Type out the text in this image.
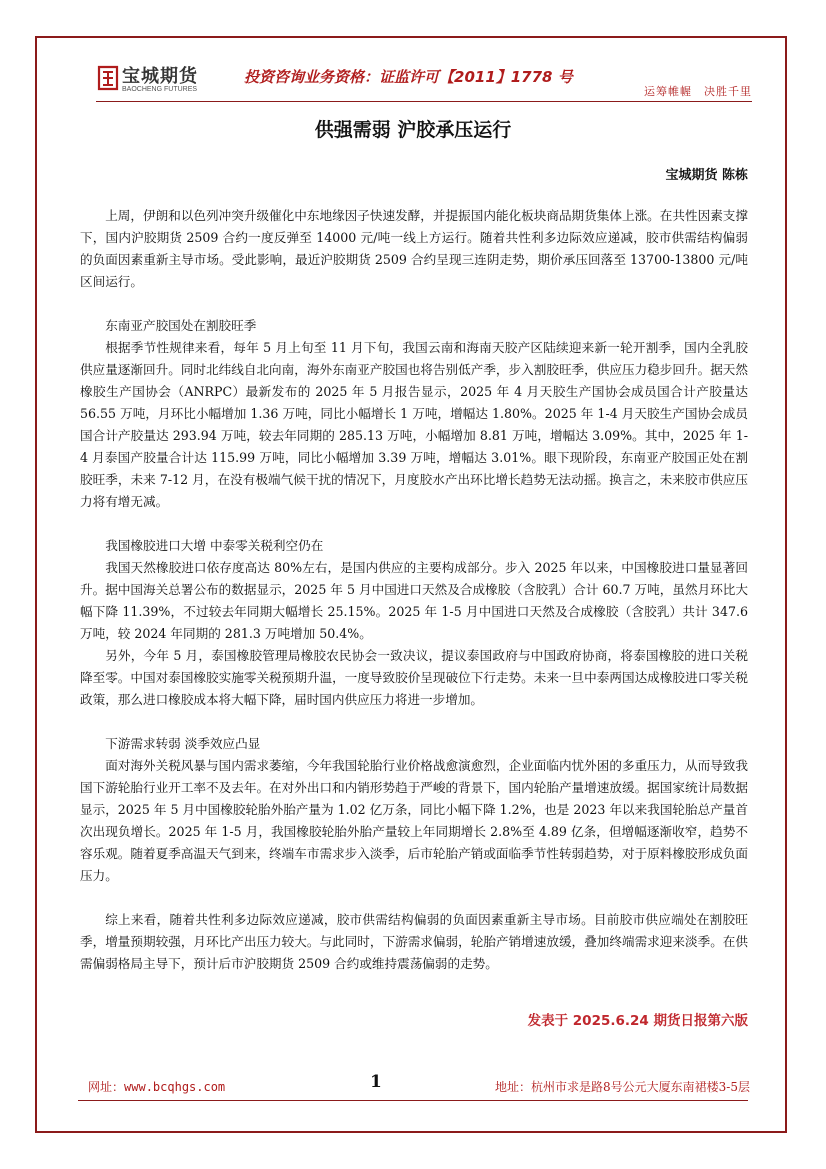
宝城期货
BAOCHENG FUTURES
投资咨询业务资格：证监许可【2011】1778 号
运筹帷幄　决胜千里
供强需弱 沪胶承压运行
宝城期货 陈栋

上周，伊朗和以色列冲突升级催化中东地缘因子快速发酵，并提振国内能化板块商品期货集体上涨。在共性因素支撑下，国内沪胶期货 2509 合约一度反弹至 14000 元/吨一线上方运行。随着共性利多边际效应递减，胶市供需结构偏弱的负面因素重新主导市场。受此影响，最近沪胶期货 2509 合约呈现三连阴走势，期价承压回落至 13700-13800 元/吨区间运行。

东南亚产胶国处在割胶旺季

根据季节性规律来看，每年 5 月上旬至 11 月下旬，我国云南和海南天胶产区陆续迎来新一轮开割季，国内全乳胶供应量逐渐回升。同时北纬线自北向南，海外东南亚产胶国也将告别低产季，步入割胶旺季，供应压力稳步回升。据天然橡胶生产国协会（ANRPC）最新发布的 2025 年 5 月报告显示，2025 年 4 月天胶生产国协会成员国合计产胶量达 56.55 万吨，月环比小幅增加 1.36 万吨，同比小幅增长 1 万吨，增幅达 1.80%。2025 年 1-4 月天胶生产国协会成员国合计产胶量达 293.94 万吨，较去年同期的 285.13 万吨，小幅增加 8.81 万吨，增幅达 3.09%。其中，2025 年 1-4 月泰国产胶量合计达 115.99 万吨，同比小幅增加 3.39 万吨，增幅达 3.01%。眼下现阶段，东南亚产胶国正处在割胶旺季，未来 7-12 月，在没有极端气候干扰的情况下，月度胶水产出环比增长趋势无法动摇。换言之，未来胶市供应压力将有增无减。

我国橡胶进口大增 中泰零关税利空仍在

我国天然橡胶进口依存度高达 80%左右，是国内供应的主要构成部分。步入 2025 年以来，中国橡胶进口量显著回升。据中国海关总署公布的数据显示，2025 年 5 月中国进口天然及合成橡胶（含胶乳）合计 60.7 万吨，虽然月环比大幅下降 11.39%，不过较去年同期大幅增长 25.15%。2025 年 1-5 月中国进口天然及合成橡胶（含胶乳）共计 347.6 万吨，较 2024 年同期的 281.3 万吨增加 50.4%。

另外，今年 5 月，泰国橡胶管理局橡胶农民协会一致决议，提议泰国政府与中国政府协商，将泰国橡胶的进口关税降至零。中国对泰国橡胶实施零关税预期升温，一度导致胶价呈现破位下行走势。未来一旦中泰两国达成橡胶进口零关税政策，那么进口橡胶成本将大幅下降，届时国内供应压力将进一步增加。

下游需求转弱 淡季效应凸显

面对海外关税风暴与国内需求萎缩，今年我国轮胎行业价格战愈演愈烈，企业面临内忧外困的多重压力，从而导致我国下游轮胎行业开工率不及去年。在对外出口和内销形势趋于严峻的背景下，国内轮胎产量增速放缓。据国家统计局数据显示，2025 年 5 月中国橡胶轮胎外胎产量为 1.02 亿万条，同比小幅下降 1.2%，也是 2023 年以来我国轮胎总产量首次出现负增长。2025 年 1-5 月，我国橡胶轮胎外胎产量较上年同期增长 2.8%至 4.89 亿条，但增幅逐渐收窄，趋势不容乐观。随着夏季高温天气到来，终端车市需求步入淡季，后市轮胎产销或面临季节性转弱趋势，对于原料橡胶形成负面压力。

综上来看，随着共性利多边际效应递减，胶市供需结构偏弱的负面因素重新主导市场。目前胶市供应端处在割胶旺季，增量预期较强，月环比产出压力较大。与此同时，下游需求偏弱，轮胎产销增速放缓，叠加终端需求迎来淡季。在供需偏弱格局主导下，预计后市沪胶期货 2509 合约或维持震荡偏弱的走势。

发表于 2025.6.24 期货日报第六版
网址：www.bcqhgs.com	1	地址：杭州市求是路8号公元大厦东南裙楼3-5层
